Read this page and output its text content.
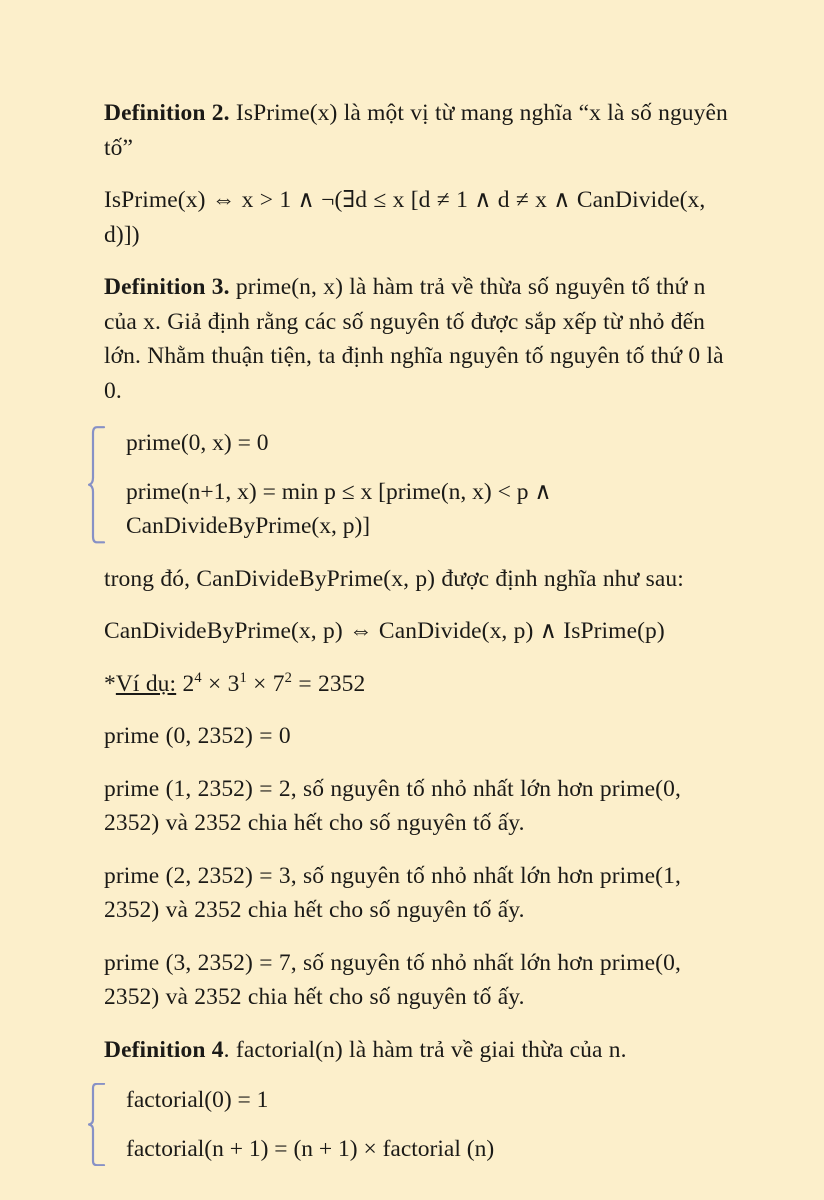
Definition 2. IsPrime(x) là một vị từ mang nghĩa “x là số nguyên tố”

IsPrime(x) ⇔ x > 1 ∧ ¬(∃d ≤ x [d ≠ 1 ∧ d ≠ x ∧ CanDivide(x, d)])

Definition 3. prime(n, x) là hàm trả về thừa số nguyên tố thứ n của x. Giả định rằng các số nguyên tố được sắp xếp từ nhỏ đến lớn. Nhằm thuận tiện, ta định nghĩa nguyên tố nguyên tố thứ 0 là 0.

prime(0, x) = 0

prime(n+1, x) = min p ≤ x [prime(n, x) < p ∧ CanDivideByPrime(x, p)]

trong đó, CanDivideByPrime(x, p) được định nghĩa như sau:

CanDivideByPrime(x, p) ⇔ CanDivide(x, p) ∧ IsPrime(p)

*Ví dụ: $2^4 \times 3^1 \times 7^2 = 2352$

prime (0, 2352) = 0

prime (1, 2352) = 2, số nguyên tố nhỏ nhất lớn hơn prime(0, 2352) và 2352 chia hết cho số nguyên tố ấy.

prime (2, 2352) = 3, số nguyên tố nhỏ nhất lớn hơn prime(1, 2352) và 2352 chia hết cho số nguyên tố ấy.

prime (3, 2352) = 7, số nguyên tố nhỏ nhất lớn hơn prime(0, 2352) và 2352 chia hết cho số nguyên tố ấy.

Definition 4. factorial(n) là hàm trả về giai thừa của n.

factorial(0) = 1

factorial(n + 1) = (n + 1) × factorial (n)
